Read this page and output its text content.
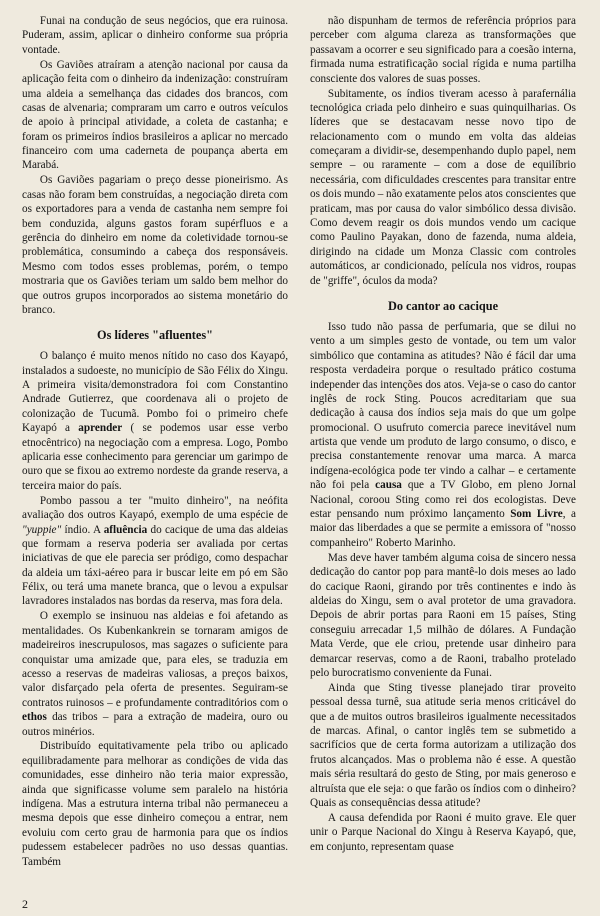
Funai na condução de seus negócios, que era ruinosa. Puderam, assim, aplicar o dinheiro conforme sua própria vontade.

Os Gaviões atraíram a atenção nacional por causa da aplicação feita com o dinheiro da indenização: construíram uma aldeia a semelhança das cidades dos brancos, com casas de alvenaria; compraram um carro e outros veículos de apoio à principal atividade, a coleta de castanha; e foram os primeiros índios brasileiros a aplicar no mercado financeiro com uma caderneta de poupança aberta em Marabá.

Os Gaviões pagariam o preço desse pioneirismo. As casas não foram bem construídas, a negociação direta com os exportadores para a venda de castanha nem sempre foi bem conduzida, alguns gastos foram supérfluos e a gerência do dinheiro em nome da coletividade tornou-se problemática, consumindo a cabeça dos responsáveis. Mesmo com todos esses problemas, porém, o tempo mostraria que os Gaviões teriam um saldo bem melhor do que outros grupos incorporados ao sistema monetário do branco.

Os líderes "afluentes"

O balanço é muito menos nítido no caso dos Kayapó, instalados a sudoeste, no município de São Félix do Xingu. A primeira visita/demonstradora foi com Constantino Andrade Gutierrez, que coordenava ali o projeto de colonização de Tucumã. Pombo foi o primeiro chefe Kayapó a aprender ( se podemos usar esse verbo etnocêntrico) na negociação com a empresa. Logo, Pombo aplicaria esse conhecimento para gerenciar um garimpo de ouro que se fixou ao extremo nordeste da grande reserva, a terceira maior do país.

Pombo passou a ter "muito dinheiro", na neófita avaliação dos outros Kayapó, exemplo de uma espécie de "yuppie" índio. A afluência do cacique de uma das aldeias que formam a reserva poderia ser avaliada por certas iniciativas de que ele parecia ser pródigo, como despachar da aldeia um táxi-aéreo para ir buscar leite em pó em São Félix, ou terá uma manete branca, que o levou a expulsar lavradores instalados nas bordas da reserva, mas fora dela.

O exemplo se insinuou nas aldeias e foi afetando as mentalidades. Os Kubenkankrein se tornaram amigos de madeireiros inescrupulosos, mas sagazes o suficiente para conquistar uma amizade que, para eles, se traduzia em acesso a reservas de madeiras valiosas, a preços baixos, valor disfarçado pela oferta de presentes. Seguiram-se contratos ruinosos – e profundamente contraditórios com o ethos das tribos – para a extração de madeira, ouro ou outros minérios.

Distribuído equitativamente pela tribo ou aplicado equilibradamente para melhorar as condições de vida das comunidades, esse dinheiro não teria maior expressão, ainda que significasse volume sem paralelo na história indígena. Mas a estrutura interna tribal não permaneceu a mesma depois que esse dinheiro começou a entrar, nem evoluiu com certo grau de harmonia para que os índios pudessem estabelecer padrões no uso dessas quantias. Também

não dispunham de termos de referência próprios para perceber com alguma clareza as transformações que passavam a ocorrer e seu significado para a coesão interna, firmada numa estratificação social rígida e numa partilha consciente dos valores de suas posses.

Subitamente, os índios tiveram acesso à parafernália tecnológica criada pelo dinheiro e suas quinquilharias. Os líderes que se destacavam nesse novo tipo de relacionamento com o mundo em volta das aldeias começaram a dividir-se, desempenhando duplo papel, nem sempre – ou raramente – com a dose de equilíbrio necessária, com dificuldades crescentes para transitar entre os dois mundo – não exatamente pelos atos conscientes que praticam, mas por causa do valor simbólico dessa divisão. Como devem reagir os dois mundos vendo um cacique como Paulino Payakan, dono de fazenda, numa aldeia, dirigindo na cidade um Monza Classic com controles automáticos, ar condicionado, película nos vidros, roupas de "griffe", óculos da moda?

Do cantor ao cacique

Isso tudo não passa de perfumaria, que se dilui no vento a um simples gesto de vontade, ou tem um valor simbólico que contamina as atitudes? Não é fácil dar uma resposta verdadeira porque o resultado prático costuma independer das intenções dos atos. Veja-se o caso do cantor inglês de rock Sting. Poucos acreditariam que sua dedicação à causa dos índios seja mais do que um golpe promocional. O usufruto comercia parece inevitável num artista que vende um produto de largo consumo, o disco, e precisa constantemente renovar uma marca. A marca indígena-ecológica pode ter vindo a calhar – e certamente não foi pela causa que a TV Globo, em pleno Jornal Nacional, coroou Sting como rei dos ecologistas. Deve estar pensando num próximo lançamento Som Livre, a maior das liberdades a que se permite a emissora of "nosso companheiro" Roberto Marinho.

Mas deve haver também alguma coisa de sincero nessa dedicação do cantor pop para mantê-lo dois meses ao lado do cacique Raoni, girando por três continentes e indo às aldeias do Xingu, sem o aval protetor de uma gravadora. Depois de abrir portas para Raoni em 15 países, Sting conseguiu arrecadar 1,5 milhão de dólares. A Fundação Mata Verde, que ele criou, pretende usar dinheiro para demarcar reservas, como a de Raoni, trabalho protelado pelo burocratismo conveniente da Funai.

Ainda que Sting tivesse planejado tirar proveito pessoal dessa turnê, sua atitude seria menos criticável do que a de muitos outros brasileiros igualmente necessitados de marcas. Afinal, o cantor inglês tem se submetido a sacrifícios que de certa forma autorizam a utilização dos frutos alcançados. Mas o problema não é esse. A questão mais séria resultará do gesto de Sting, por mais generoso e altruísta que ele seja: o que farão os índios com o dinheiro? Quais as consequências dessa atitude?

A causa defendida por Raoni é muito grave. Ele quer unir o Parque Nacional do Xingu à Reserva Kayapó, que, em conjunto, representam quase

2
